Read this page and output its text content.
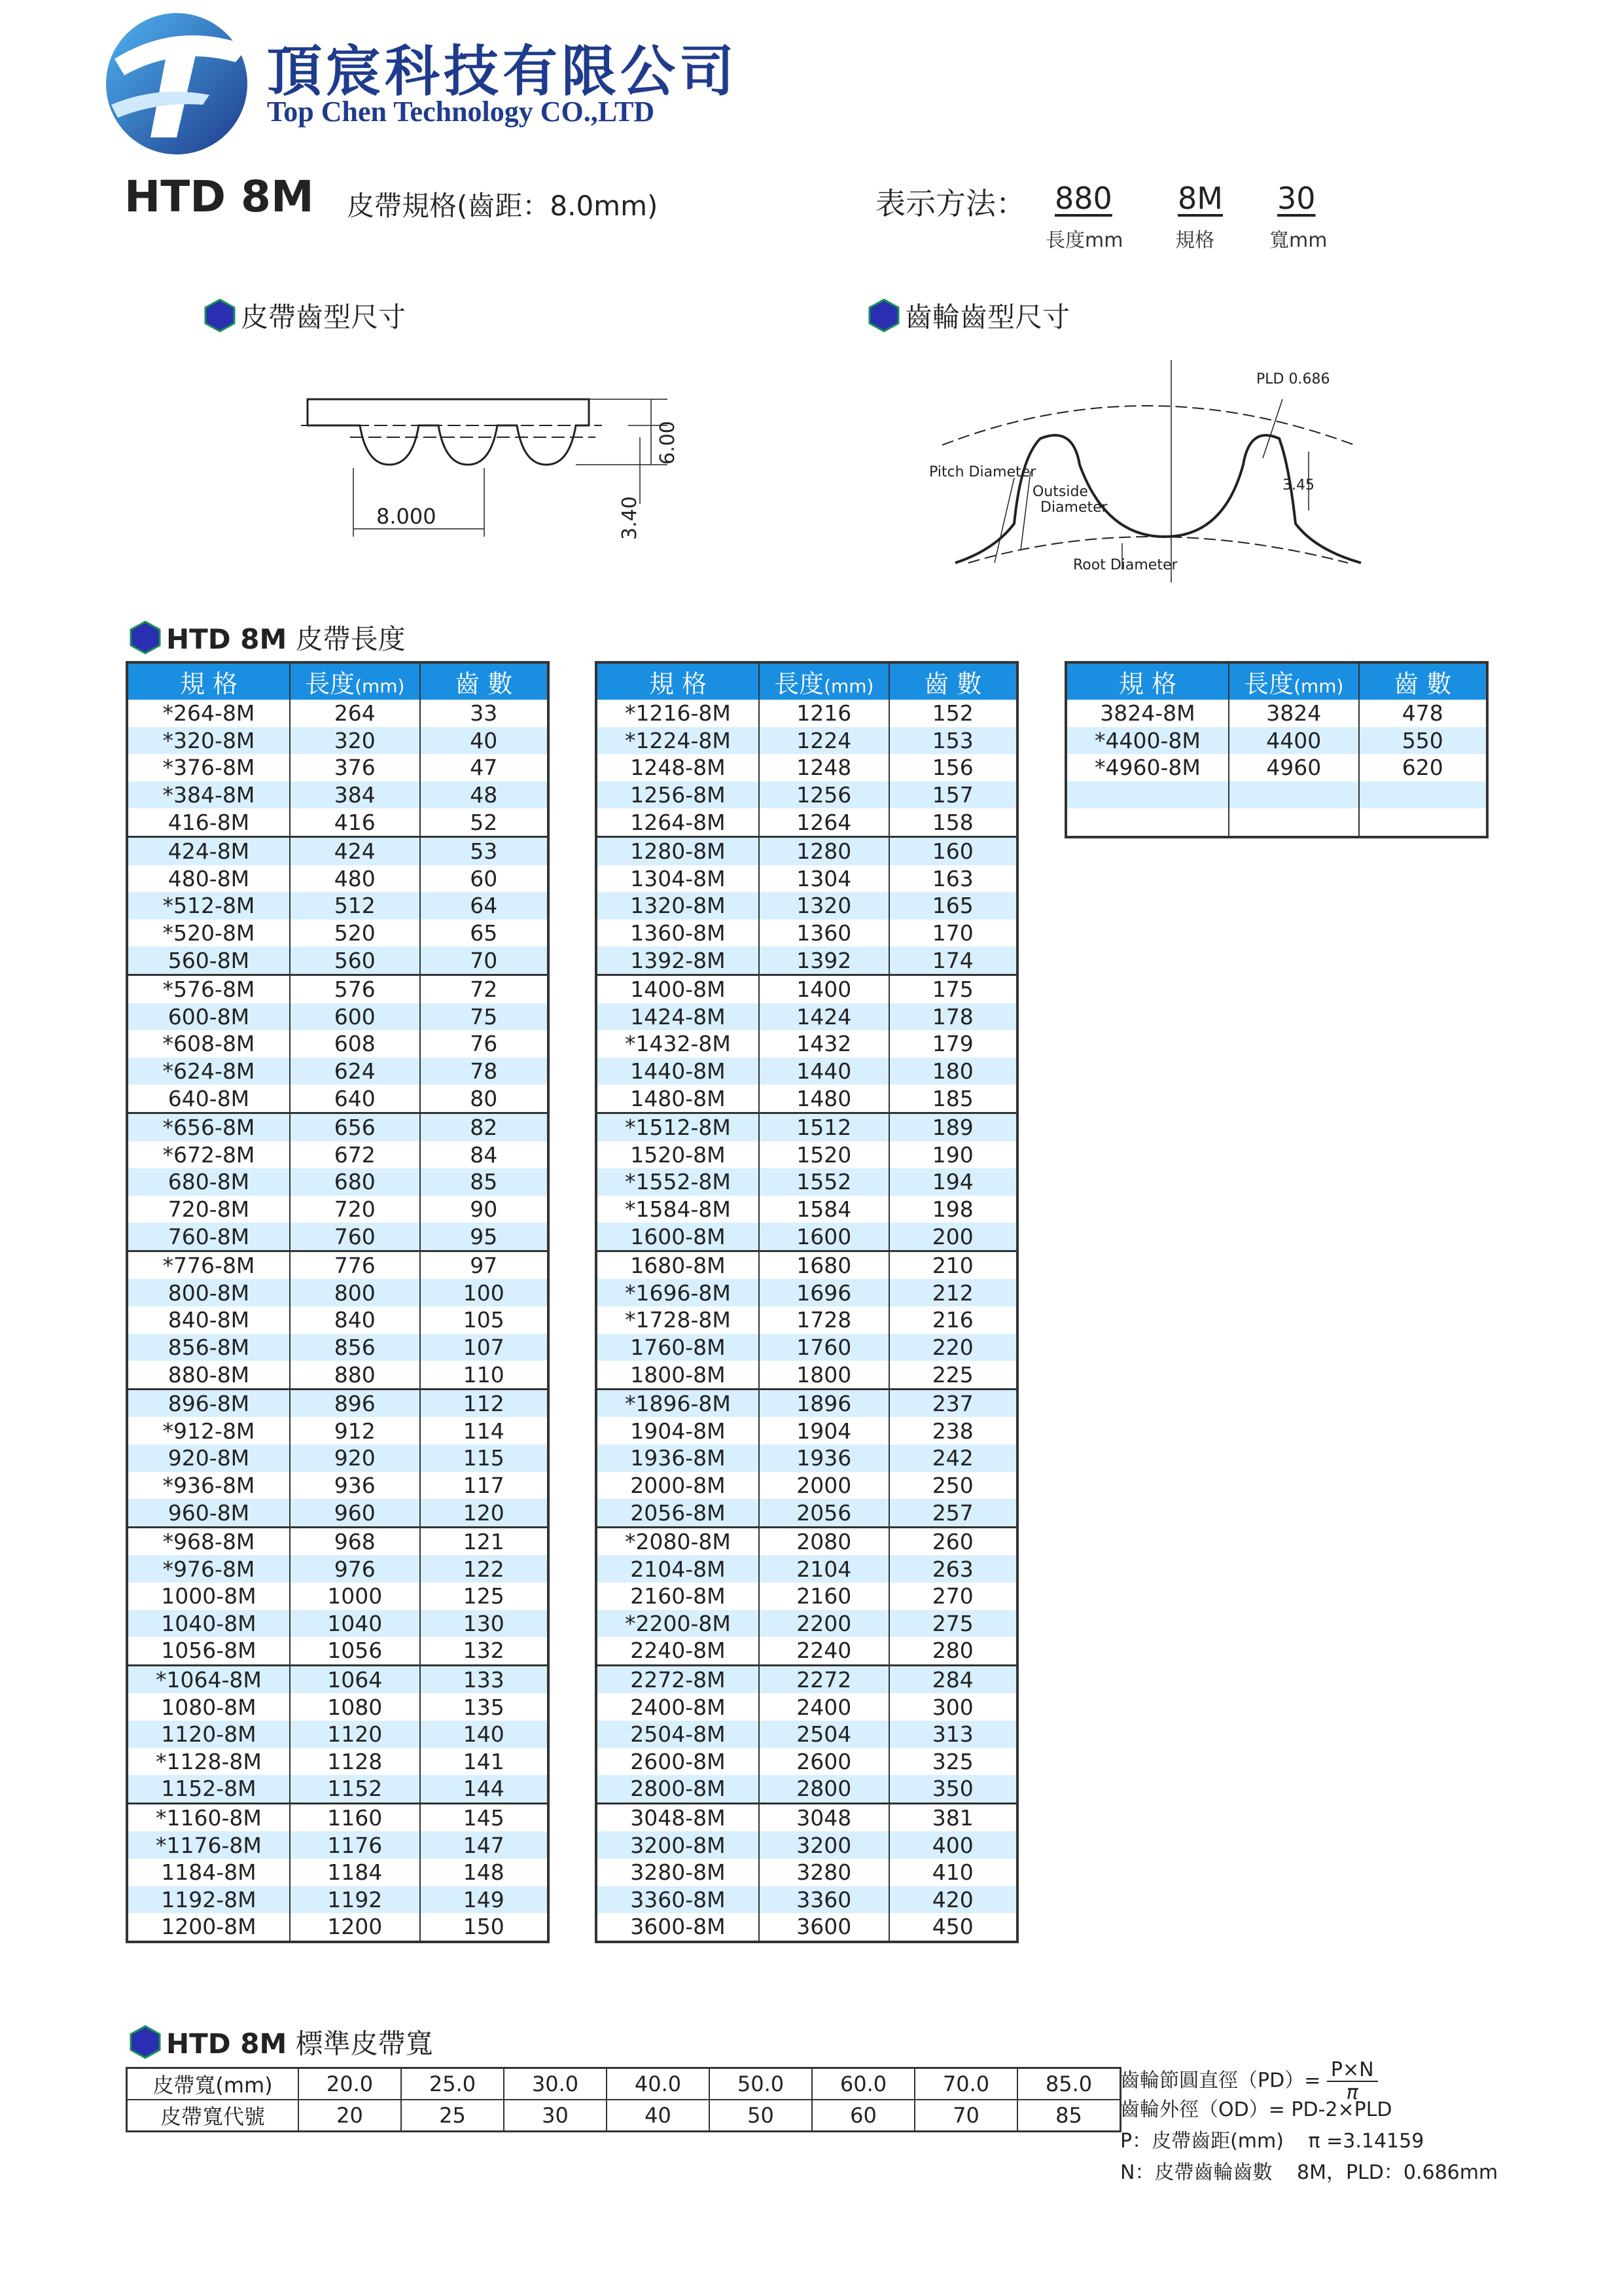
頂宸科技有限公司
Top Chen Technology CO.,LTD
HTD 8M 皮帶規格(齒距：8.0mm)	表示方法： 880
長度mm
8M
規格
30
寬mm
皮帶齒型尺寸	齒輪齒型尺寸
8.000
6.00
3.40
PLD 0.686
Pitch Diameter
Outside
Diameter
Root Diameter
3.45
HTD 8M 皮帶長度
規 格	長度(mm)	齒 數
*264-8M	264	33
*320-8M	320	40
*376-8M	376	47
*384-8M	384	48
416-8M	416	52
424-8M	424	53
480-8M	480	60
*512-8M	512	64
*520-8M	520	65
560-8M	560	70
*576-8M	576	72
600-8M	600	75
*608-8M	608	76
*624-8M	624	78
640-8M	640	80
*656-8M	656	82
*672-8M	672	84
680-8M	680	85
720-8M	720	90
760-8M	760	95
*776-8M	776	97
800-8M	800	100
840-8M	840	105
856-8M	856	107
880-8M	880	110
896-8M	896	112
*912-8M	912	114
920-8M	920	115
*936-8M	936	117
960-8M	960	120
*968-8M	968	121
*976-8M	976	122
1000-8M	1000	125
1040-8M	1040	130
1056-8M	1056	132
*1064-8M	1064	133
1080-8M	1080	135
1120-8M	1120	140
*1128-8M	1128	141
1152-8M	1152	144
*1160-8M	1160	145
*1176-8M	1176	147
1184-8M	1184	148
1192-8M	1192	149
1200-8M	1200	150
規 格	長度(mm)	齒 數
*1216-8M	1216	152
*1224-8M	1224	153
1248-8M	1248	156
1256-8M	1256	157
1264-8M	1264	158
1280-8M	1280	160
1304-8M	1304	163
1320-8M	1320	165
1360-8M	1360	170
1392-8M	1392	174
1400-8M	1400	175
1424-8M	1424	178
*1432-8M	1432	179
1440-8M	1440	180
1480-8M	1480	185
*1512-8M	1512	189
1520-8M	1520	190
*1552-8M	1552	194
*1584-8M	1584	198
1600-8M	1600	200
1680-8M	1680	210
*1696-8M	1696	212
*1728-8M	1728	216
1760-8M	1760	220
1800-8M	1800	225
*1896-8M	1896	237
1904-8M	1904	238
1936-8M	1936	242
2000-8M	2000	250
2056-8M	2056	257
*2080-8M	2080	260
2104-8M	2104	263
2160-8M	2160	270
*2200-8M	2200	275
2240-8M	2240	280
2272-8M	2272	284
2400-8M	2400	300
2504-8M	2504	313
2600-8M	2600	325
2800-8M	2800	350
3048-8M	3048	381
3200-8M	3200	400
3280-8M	3280	410
3360-8M	3360	420
3600-8M	3600	450
規 格	長度(mm)	齒 數
3824-8M	3824	478
*4400-8M	4400	550
*4960-8M	4960	620

HTD 8M 標準皮帶寬
皮帶寬(mm)	20.0	25.0	30.0	40.0	50.0	60.0	70.0	85.0
皮帶寬代號	20	25	30	40	50	60	70	85
齒輪節圓直徑$(PD)= \frac{P\times N}{\pi}$
齒輪外徑（OD）= PD-2×PLD
P：皮帶齒距(mm) π =3.14159
N：皮帶齒輪齒數 8M，PLD：0.686mm
